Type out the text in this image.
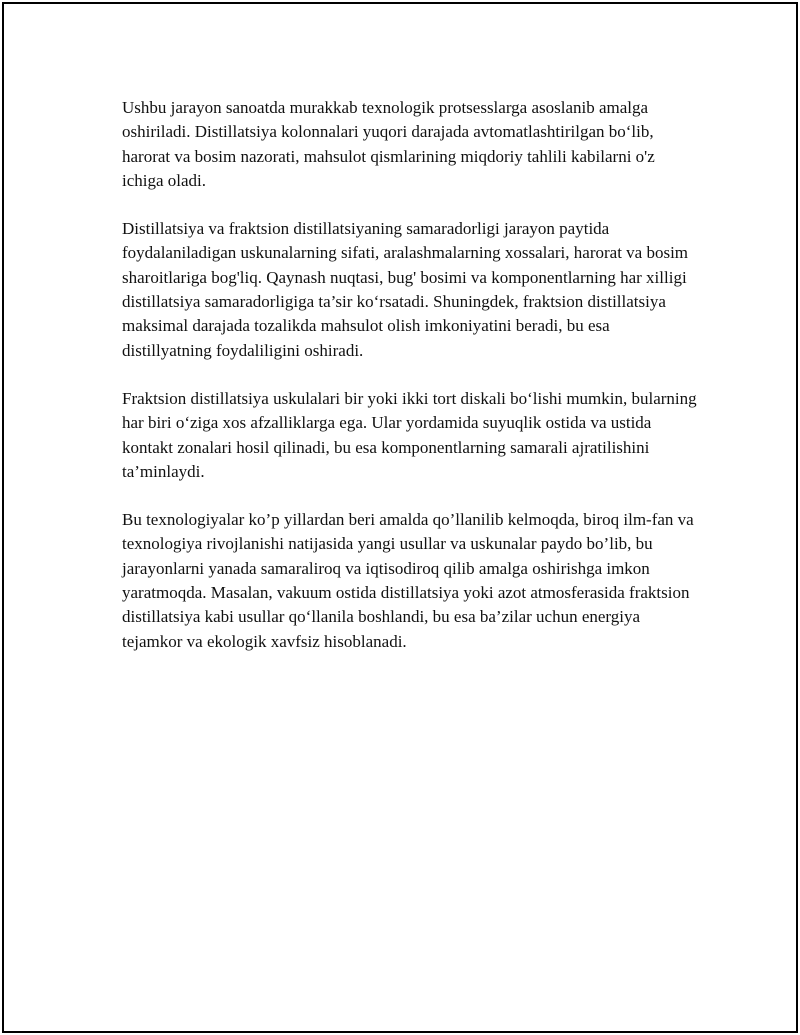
Ushbu jarayon sanoatda murakkab texnologik protsesslarga asoslanib amalga oshiriladi. Distillatsiya kolonnalari yuqori darajada avtomatlashtirilgan bo‘lib, harorat va bosim nazorati, mahsulot qismlarining miqdoriy tahlili kabilarni o'z ichiga oladi.

Distillatsiya va fraktsion distillatsiyaning samaradorligi jarayon paytida foydalaniladigan uskunalarning sifati, aralashmalarning xossalari, harorat va bosim sharoitlariga bog'liq. Qaynash nuqtasi, bug' bosimi va komponentlarning har xilligi distillatsiya samaradorligiga ta’sir ko‘rsatadi. Shuningdek, fraktsion distillatsiya maksimal darajada tozalikda mahsulot olish imkoniyatini beradi, bu esa distillyatning foydaliligini oshiradi.

Fraktsion distillatsiya uskulalari bir yoki ikki tort diskali bo‘lishi mumkin, bularning har biri o‘ziga xos afzalliklarga ega. Ular yordamida suyuqlik ostida va ustida kontakt zonalari hosil qilinadi, bu esa komponentlarning samarali ajratilishini ta’minlaydi.

Bu texnologiyalar ko’p yillardan beri amalda qo’llanilib kelmoqda, biroq ilm-fan va texnologiya rivojlanishi natijasida yangi usullar va uskunalar paydo bo’lib, bu jarayonlarni yanada samaraliroq va iqtisodiroq qilib amalga oshirishga imkon yaratmoqda. Masalan, vakuum ostida distillatsiya yoki azot atmosferasida fraktsion distillatsiya kabi usullar qo‘llanila boshlandi, bu esa ba’zilar uchun energiya tejamkor va ekologik xavfsiz hisoblanadi.
